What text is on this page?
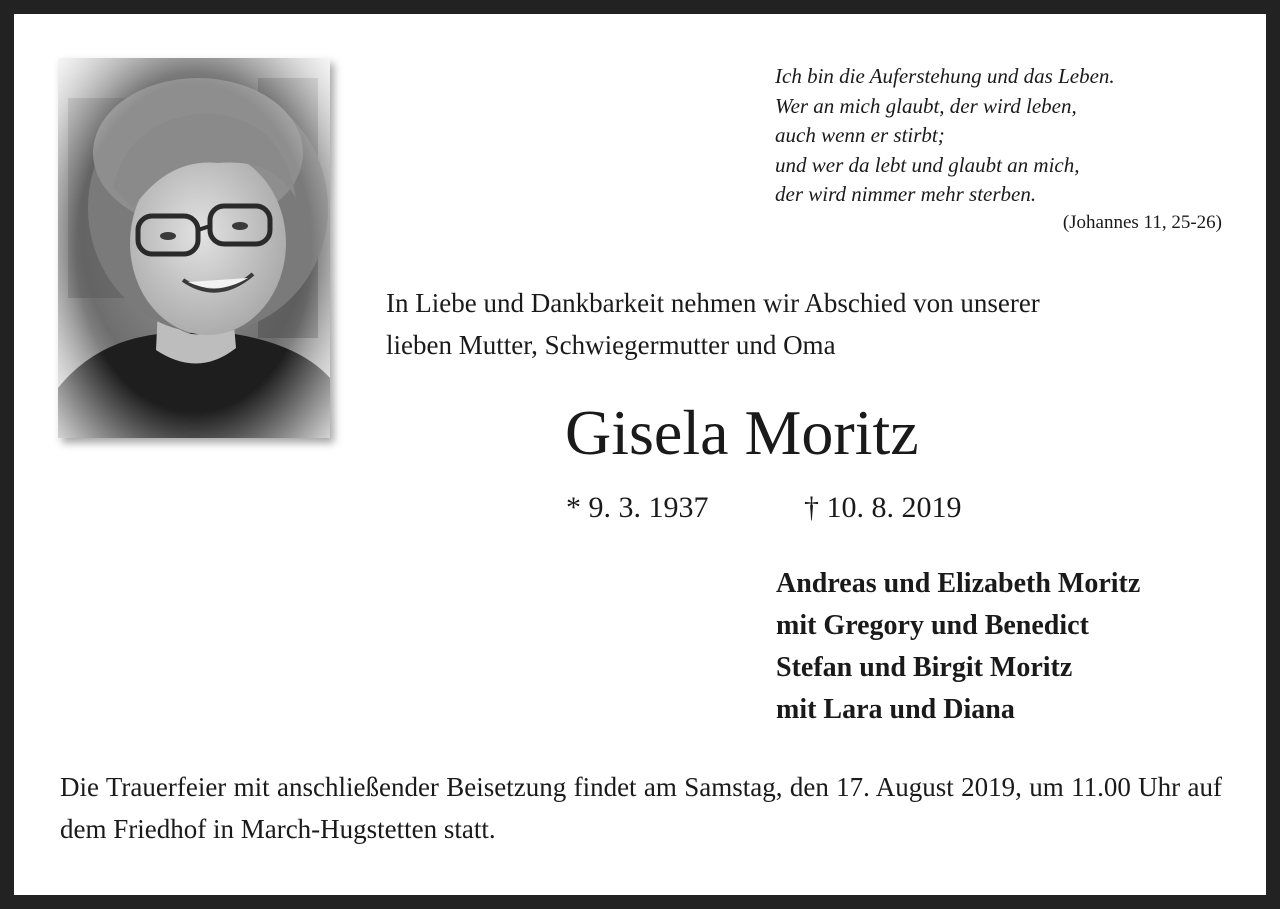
Ich bin die Auferstehung und das Leben.
Wer an mich glaubt, der wird leben,
auch wenn er stirbt;
und wer da lebt und glaubt an mich,
der wird nimmer mehr sterben.
(Johannes 11, 25-26)
In Liebe und Dankbarkeit nehmen wir Abschied von unserer
lieben Mutter, Schwiegermutter und Oma
Gisela Moritz
* 9. 3. 1937	† 10. 8. 2019
Andreas und Elizabeth Moritz
mit Gregory und Benedict
Stefan und Birgit Moritz
mit Lara und Diana
Die Trauerfeier mit anschließender Beisetzung findet am Samstag, den 17. August 2019, um 11.00 Uhr auf dem Friedhof in March-Hugstetten statt.
